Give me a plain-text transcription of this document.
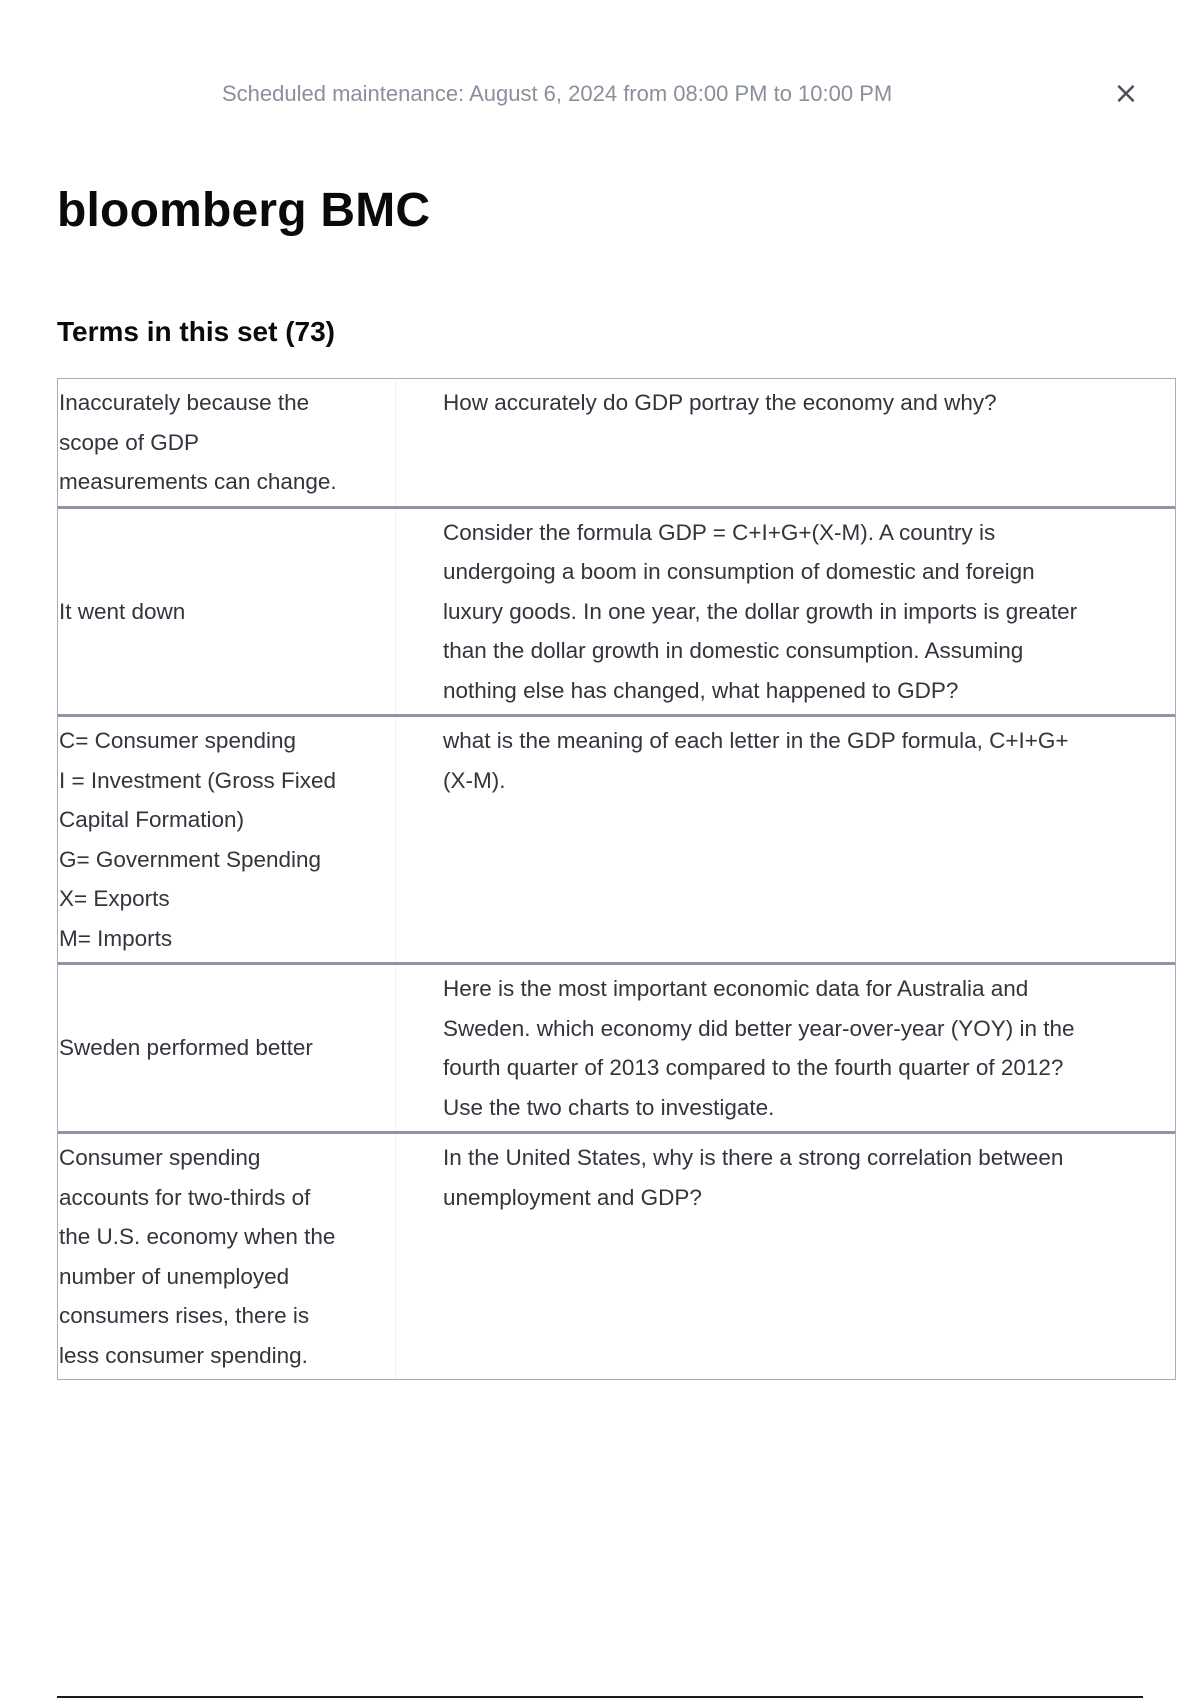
Scheduled maintenance: August 6, 2024 from 08:00 PM to 10:00 PM	×
bloomberg BMC
Terms in this set (73)
Inaccurately because the
scope of GDP
measurements can change.
How accurately do GDP portray the economy and why?
It went down
Consider the formula GDP = C+I+G+(X-M). A country is undergoing a boom in consumption of domestic and foreign luxury goods. In one year, the dollar growth in imports is greater than the dollar growth in domestic consumption. Assuming nothing else has changed, what happened to GDP?
C= Consumer spending
I = Investment (Gross Fixed
Capital Formation)
G= Government Spending
X= Exports
M= Imports
what is the meaning of each letter in the GDP formula, C+I+G+(X-M).
Sweden performed better
Here is the most important economic data for Australia and Sweden. which economy did better year-over-year (YOY) in the fourth quarter of 2013 compared to the fourth quarter of 2012? Use the two charts to investigate.
Consumer spending
accounts for two-thirds of
the U.S. economy when the
number of unemployed
consumers rises, there is
less consumer spending.
In the United States, why is there a strong correlation between unemployment and GDP?
